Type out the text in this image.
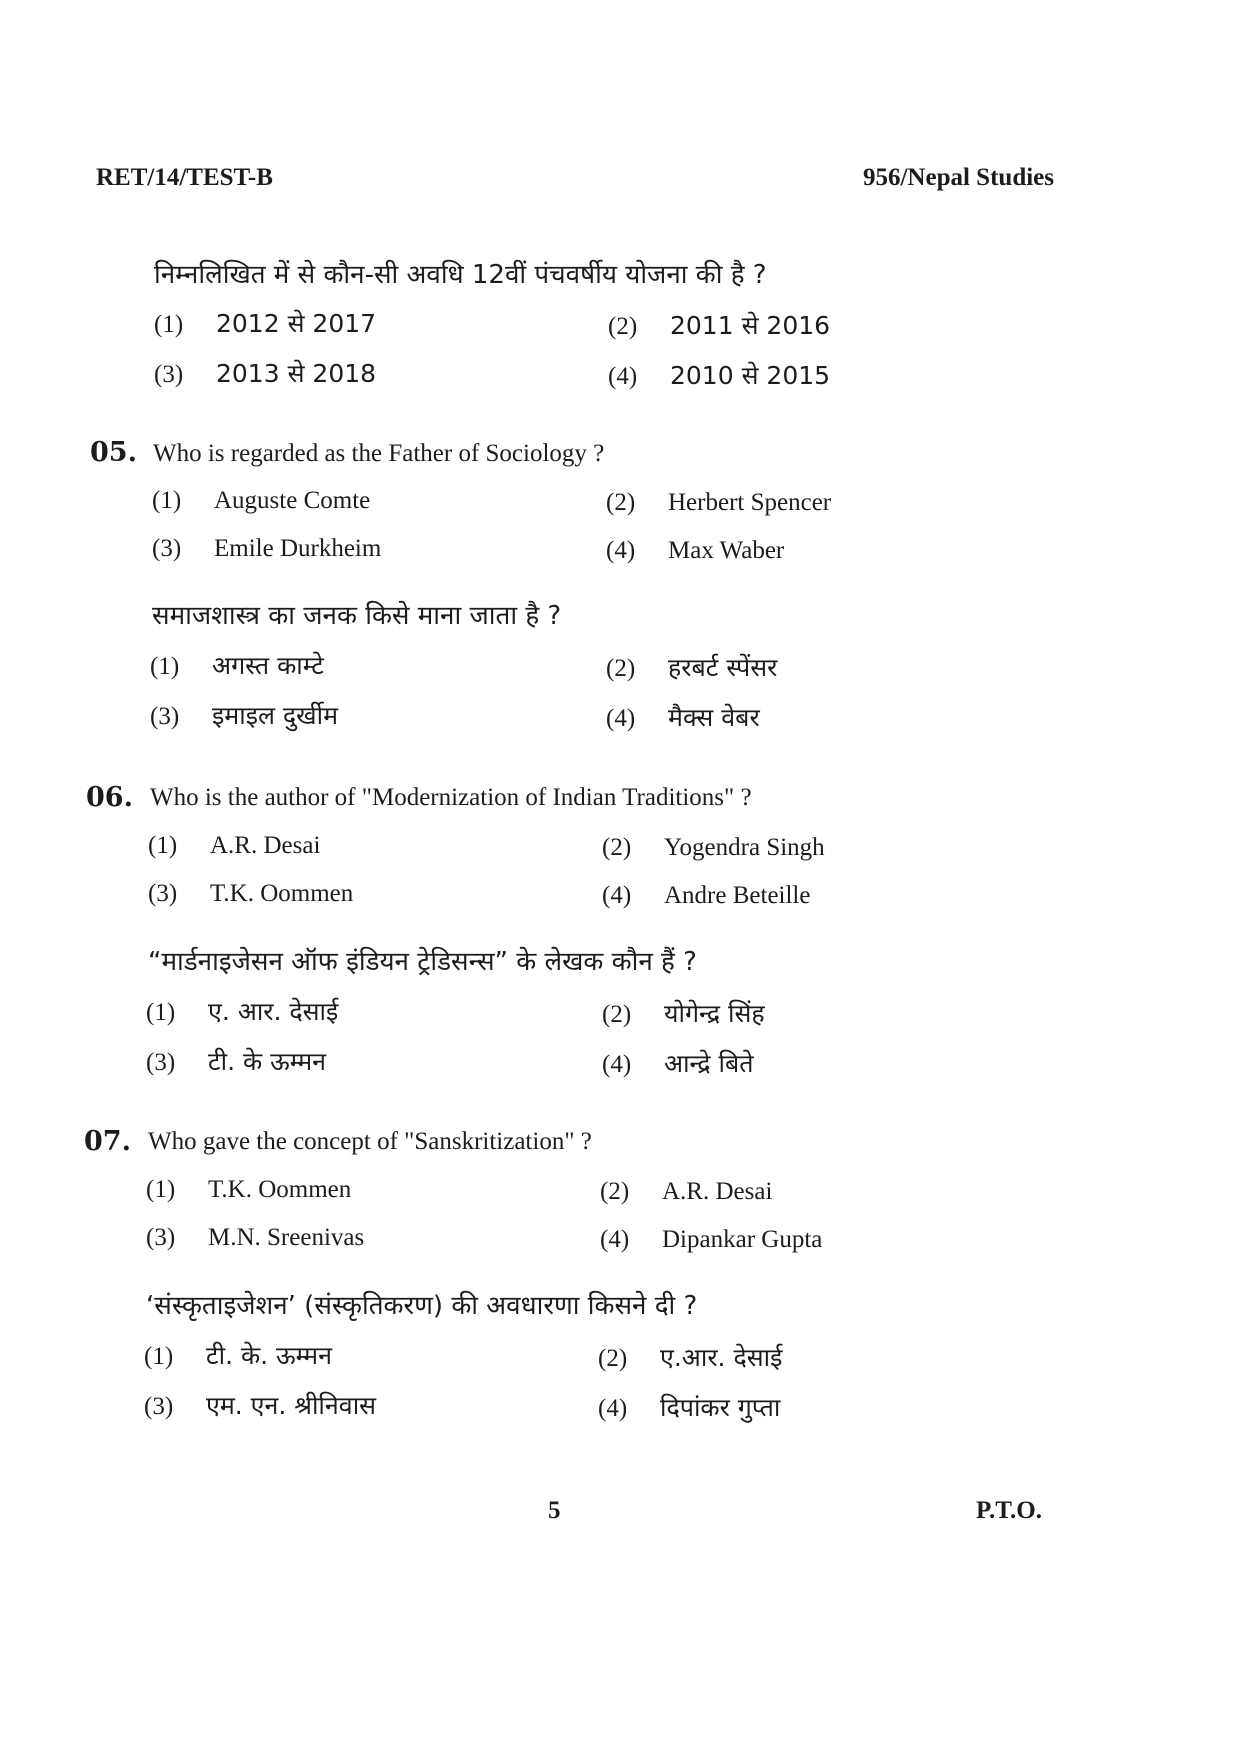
RET/14/TEST-B	956/Nepal Studies
निम्नलिखित में से कौन-सी अवधि 12वीं पंचवर्षीय योजना की है ?
(1) 2012 से 2017	(2) 2011 से 2016
(3) 2013 से 2018	(4) 2010 से 2015
05. Who is regarded as the Father of Sociology ?
(1) Auguste Comte	(2) Herbert Spencer
(3) Emile Durkheim	(4) Max Waber
समाजशास्त्र का जनक किसे माना जाता है ?
(1) अगस्त काम्टे	(2) हरबर्ट स्पेंसर
(3) इमाइल दुर्खीम	(4) मैक्स वेबर
06. Who is the author of "Modernization of Indian Traditions" ?
(1) A.R. Desai	(2) Yogendra Singh
(3) T.K. Oommen	(4) Andre Beteille
“मार्डनाइजेसन ऑफ इंडियन ट्रेडिसन्स” के लेखक कौन हैं ?
(1) ए. आर. देसाई	(2) योगेन्द्र सिंह
(3) टी. के ऊम्मन	(4) आन्द्रे बिते
07. Who gave the concept of "Sanskritization" ?
(1) T.K. Oommen	(2) A.R. Desai
(3) M.N. Sreenivas	(4) Dipankar Gupta
‘संस्कृताइजेशन’ (संस्कृतिकरण) की अवधारणा किसने दी ?
(1) टी. के. ऊम्मन	(2) ए.आर. देसाई
(3) एम. एन. श्रीनिवास	(4) दिपांकर गुप्ता
5	P.T.O.
